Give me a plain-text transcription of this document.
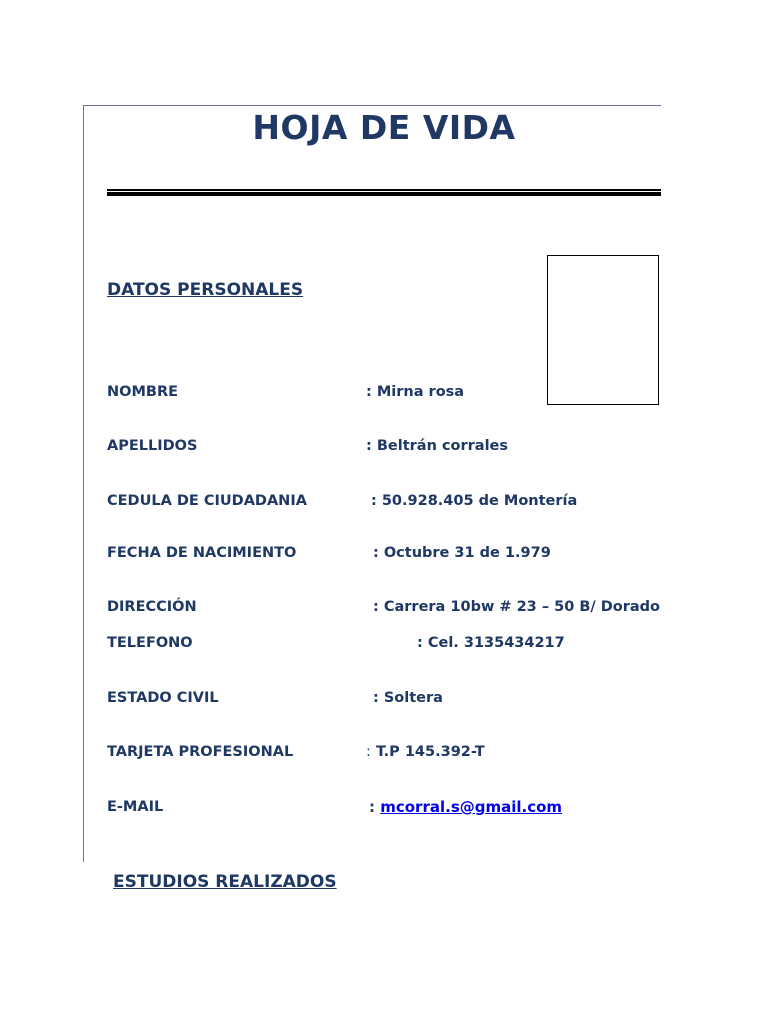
HOJA DE VIDA
DATOS PERSONALES
NOMBRE	: Mirna rosa
APELLIDOS	: Beltrán corrales
CEDULA DE CIUDADANIA	: 50.928.405 de Montería
FECHA DE NACIMIENTO	: Octubre 31 de 1.979
DIRECCIÓN	: Carrera 10bw # 23 – 50 B/ Dorado
TELEFONO	: Cel. 3135434217
ESTADO CIVIL	: Soltera
TARJETA PROFESIONAL	: T.P 145.392-T
E-MAIL	: mcorral.s@gmail.com
ESTUDIOS REALIZADOS
